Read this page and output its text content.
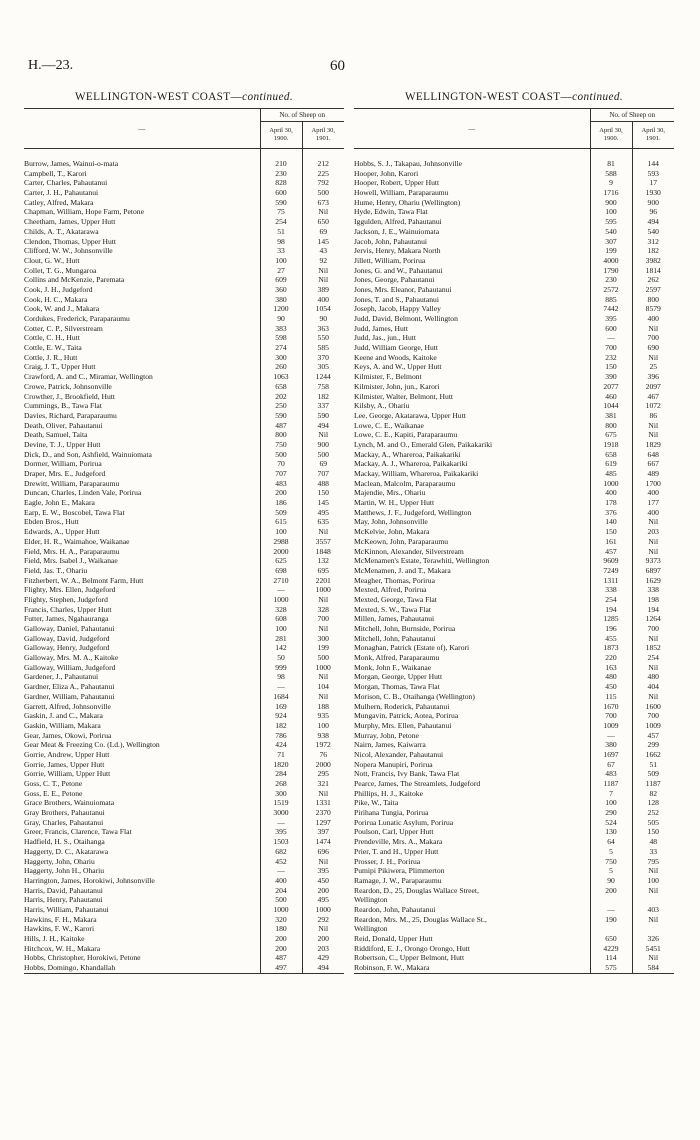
H.—23.	60
WELLINGTON-WEST COAST—continued.
—	No. of Sheep on	
	April 30,
1900.	April 30,
1901.

Burrow, James, Wainui-o-mata	210	212
Campbell, T., Karori	230	225
Carter, Charles, Pahautanui	828	792
Carter, J. H., Pahautanui	600	500
Catley, Alfred, Makara	590	673
Chapman, William, Hope Farm, Petone	75	Nil
Cheetham, James, Upper Hutt	254	650
Childs, A. T., Akatarawa	51	69
Clendon, Thomas, Upper Hutt	98	145
Clifford, W. W., Johnsonville	33	43
Clout, G. W., Hutt	100	92
Collet, T. G., Mungaroa	27	Nil
Collins and McKenzie, Paremata	609	Nil
Cook, J. H., Judgeford	360	389
Cook, H. C., Makara	380	400
Cook, W. and J., Makara	1200	1054
Cordukes, Frederick, Paraparaumu	90	90
Cotter, C. P., Silverstream	383	363
Cottle, C. H., Hutt	598	550
Cottle, E. W., Taita	274	585
Cottle, J. R., Hutt	300	370
Craig, J. T., Upper Hutt	260	305
Crawford, A. and C., Miramar, Wellington	1063	1244
Crowe, Patrick, Johnsonville	658	758
Crowther, J., Brookfield, Hutt	202	182
Cummings, B., Tawa Flat	250	337
Davies, Richard, Paraparaumu	590	590
Death, Oliver, Pahautanui	487	494
Death, Samuel, Taita	800	Nil
Devine, T. J., Upper Hutt	750	900
Dick, D., and Son, Ashfield, Wainuiomata	500	500
Dormer, William, Porirua	70	69
Draper, Mrs. E., Judgeford	707	707
Drewitt, William, Paraparaumu	483	488
Duncan, Charles, Linden Vale, Porirua	200	150
Eagle, John E., Makara	186	145
Earp, E. W., Boscobel, Tawa Flat	509	495
Ebden Bros., Hutt	615	635
Edwards, A., Upper Hutt	100	Nil
Elder, H. R., Waimahoe, Waikanae	2988	3557
Field, Mrs. H. A., Paraparaumu	2000	1848
Field, Mrs. Isabel J., Waikanae	625	132
Field, Jas. T., Ohariu	698	695
Fitzherbert, W. A., Belmont Farm, Hutt	2710	2201
Flighty, Mrs. Ellen, Judgeford	—	1000
Flighty, Stephen, Judgeford	1000	Nil
Francis, Charles, Upper Hutt	328	328
Futter, James, Ngahauranga	608	700
Galloway, Daniel, Pahautanui	100	Nil
Galloway, David, Judgeford	281	300
Galloway, Henry, Judgeford	142	199
Galloway, Mrs. M. A., Kaitoke	50	500
Galloway, William, Judgeford	999	1000
Gardener, J., Pahautanui	98	Nil
Gardner, Eliza A., Pahautanui	—	104
Gardner, William, Pahautanui	1684	Nil
Garrett, Alfred, Johnsonville	169	188
Gaskin, J. and C., Makara	924	935
Gaskin, William, Makara	182	100
Gear, James, Okowi, Porirua	786	938
Gear Meat & Freezing Co. (Ld.), Wellington	424	1972
Gorrie, Andrew, Upper Hutt	71	76
Gorrie, James, Upper Hutt	1820	2000
Gorrie, William, Upper Hutt	284	295
Goss, C. T., Petone	268	321
Goss, E. E., Petone	300	Nil
Grace Brothers, Wainuiomata	1519	1331
Gray Brothers, Pahautanui	3000	2370
Gray, Charles, Pahautanui	—	1297
Greer, Francis, Clarence, Tawa Flat	395	397
Hadfield, H. S., Otaihanga	1503	1474
Haggerty, D. C., Akatarawa	682	696
Haggerty, John, Ohariu	452	Nil
Haggerty, John H., Ohariu	—	395
Harrington, James, Horokiwi, Johnsonville	400	450
Harris, David, Pahautanui	204	200
Harris, Henry, Pahautanui	500	495
Harris, William, Pahautanui	1000	1000
Hawkins, F. H., Makara	320	292
Hawkins, F. W., Karori	180	Nil
Hills, J. H., Kaitoke	200	200
Hitchcox, W. H., Makara	200	203
Hobbs, Christopher, Horokiwi, Petone	487	429
Hobbs, Domingo, Khandallah	497	494
WELLINGTON-WEST COAST—continued.
—	No. of Sheep on	
	April 30,
1900.	April 30,
1901.

Hobbs, S. J., Takapau, Johnsonville	81	144
Hooper, John, Karori	588	593
Hooper, Robert, Upper Hutt	9	17
Howell, William, Paraparaumu	1716	1930
Hume, Henry, Ohariu (Wellington)	900	900
Hyde, Edwin, Tawa Flat	100	96
Iggulden, Alfred, Pahautanui	595	494
Jackson, J. E., Wainuiomata	540	540
Jacob, John, Pahautanui	307	312
Jervis, Henry, Makara North	199	182
Jillett, William, Porirua	4000	3982
Jones, G. and W., Pahautanui	1790	1814
Jones, George, Pahautanui	230	262
Jones, Mrs. Eleanor, Pahautanui	2572	2597
Jones, T. and S., Pahautanui	885	800
Joseph, Jacob, Happy Valley	7442	8579
Judd, David, Belmont, Wellington	395	400
Judd, James, Hutt	600	Nil
Judd, Jas., jun., Hutt	—	700
Judd, William George, Hutt	700	690
Keene and Woods, Kaitoke	232	Nil
Keys, A. and W., Upper Hutt	150	25
Kilmister, F., Belmont	390	396
Kilmister, John, jun., Karori	2077	2097
Kilmister, Walter, Belmont, Hutt	460	467
Kilsby, A., Ohariu	1044	1072
Lee, George, Akatarawa, Upper Hutt	381	86
Lowe, C. E., Waikanae	800	Nil
Lowe, C. E., Kapiti, Paraparaumu	675	Nil
Lynch, M. and O., Emerald Glen, Paikakariki	1918	1829
Mackay, A., Whareroa, Paikakariki	658	648
Mackay, A. J., Whareroa, Paikakariki	619	667
Mackay, William, Whareroa, Paikakariki	485	489
Maclean, Malcolm, Paraparaumu	1000	1700
Majendie, Mrs., Ohariu	400	400
Martin, W. H., Upper Hutt	178	177
Matthews, J. F., Judgeford, Wellington	376	400
May, John, Johnsonville	140	Nil
McKelvie, John, Makara	150	203
McKeown, John, Paraparaumu	161	Nil
McKinnon, Alexander, Silverstream	457	Nil
McMenamen's Estate, Terawhiti, Wellington	9609	9373
McMenamen, J. and T., Makara	7249	6897
Meagher, Thomas, Porirua	1311	1629
Mexted, Alfred, Porirua	338	338
Mexted, George, Tawa Flat	254	198
Mexted, S. W., Tawa Flat	194	194
Millen, James, Pahautanui	1285	1264
Mitchell, John, Burnside, Porirua	196	700
Mitchell, John, Pahautanui	455	Nil
Monaghan, Patrick (Estate of), Karori	1873	1852
Monk, Alfred, Paraparaumu	220	254
Monk, John F., Waikanae	163	Nil
Morgan, George, Upper Hutt	480	480
Morgan, Thomas, Tawa Flat	450	404
Morison, C. B., Otaihanga (Wellington)	115	Nil
Mulhern, Roderick, Pahautanui	1670	1600
Mungavin, Patrick, Aotea, Porirua	700	700
Murphy, Mrs. Ellen, Pahautanui	1009	1009
Murray, John, Petone	—	457
Nairn, James, Kaiwarra	380	299
Nicol, Alexander, Pahautanui	1697	1662
Nopera Manupiri, Porirua	67	51
Nott, Francis, Ivy Bank, Tawa Flat	483	509
Pearce, James, The Streamlets, Judgeford	1187	1187
Phillips, H. J., Kaitoke	7	82
Pike, W., Taita	100	128
Pirihana Tungia, Porirua	290	252
Porirua Lunatic Asylum, Porirua	524	505
Poulson, Carl, Upper Hutt	130	150
Prendeville, Mrs. A., Makara	64	48
Prier, T. and H., Upper Hutt	5	33
Prosser, J. H., Porirua	750	795
Pumipi Pikiwera, Plimmerton	5	Nil
Ramage, J. W., Paraparaumu	90	100
Reardon, D., 25, Douglas Wallace Street,	200	Nil
Wellington		
Reardon, John, Pahautanui	—	403
Reardon, Mrs. M., 25, Douglas Wallace St.,	190	Nil
Wellington		
Reid, Donald, Upper Hutt	650	326
Riddiford, E. J., Orongo Orongo, Hutt	4229	5451
Robertson, C., Upper Belmont, Hutt	114	Nil
Robinson, F. W., Makara	575	584
